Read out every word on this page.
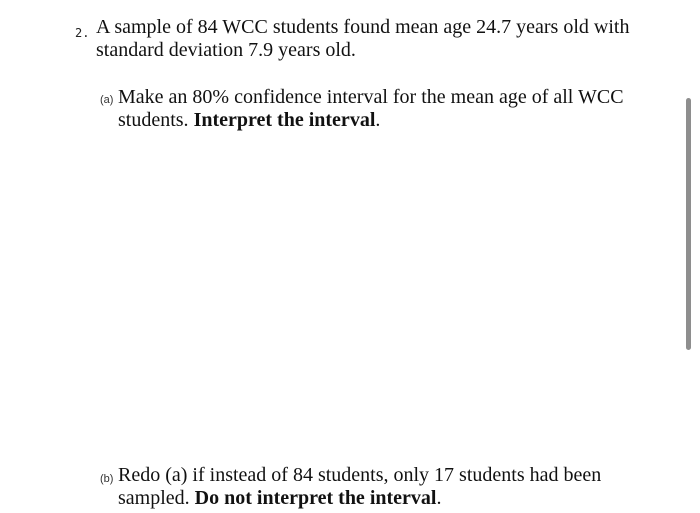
2. A sample of 84 WCC students found mean age 24.7 years old with standard deviation 7.9 years old.
(a) Make an 80% confidence interval for the mean age of all WCC students. Interpret the interval.
(b) Redo (a) if instead of 84 students, only 17 students had been sampled. Do not interpret the interval.
